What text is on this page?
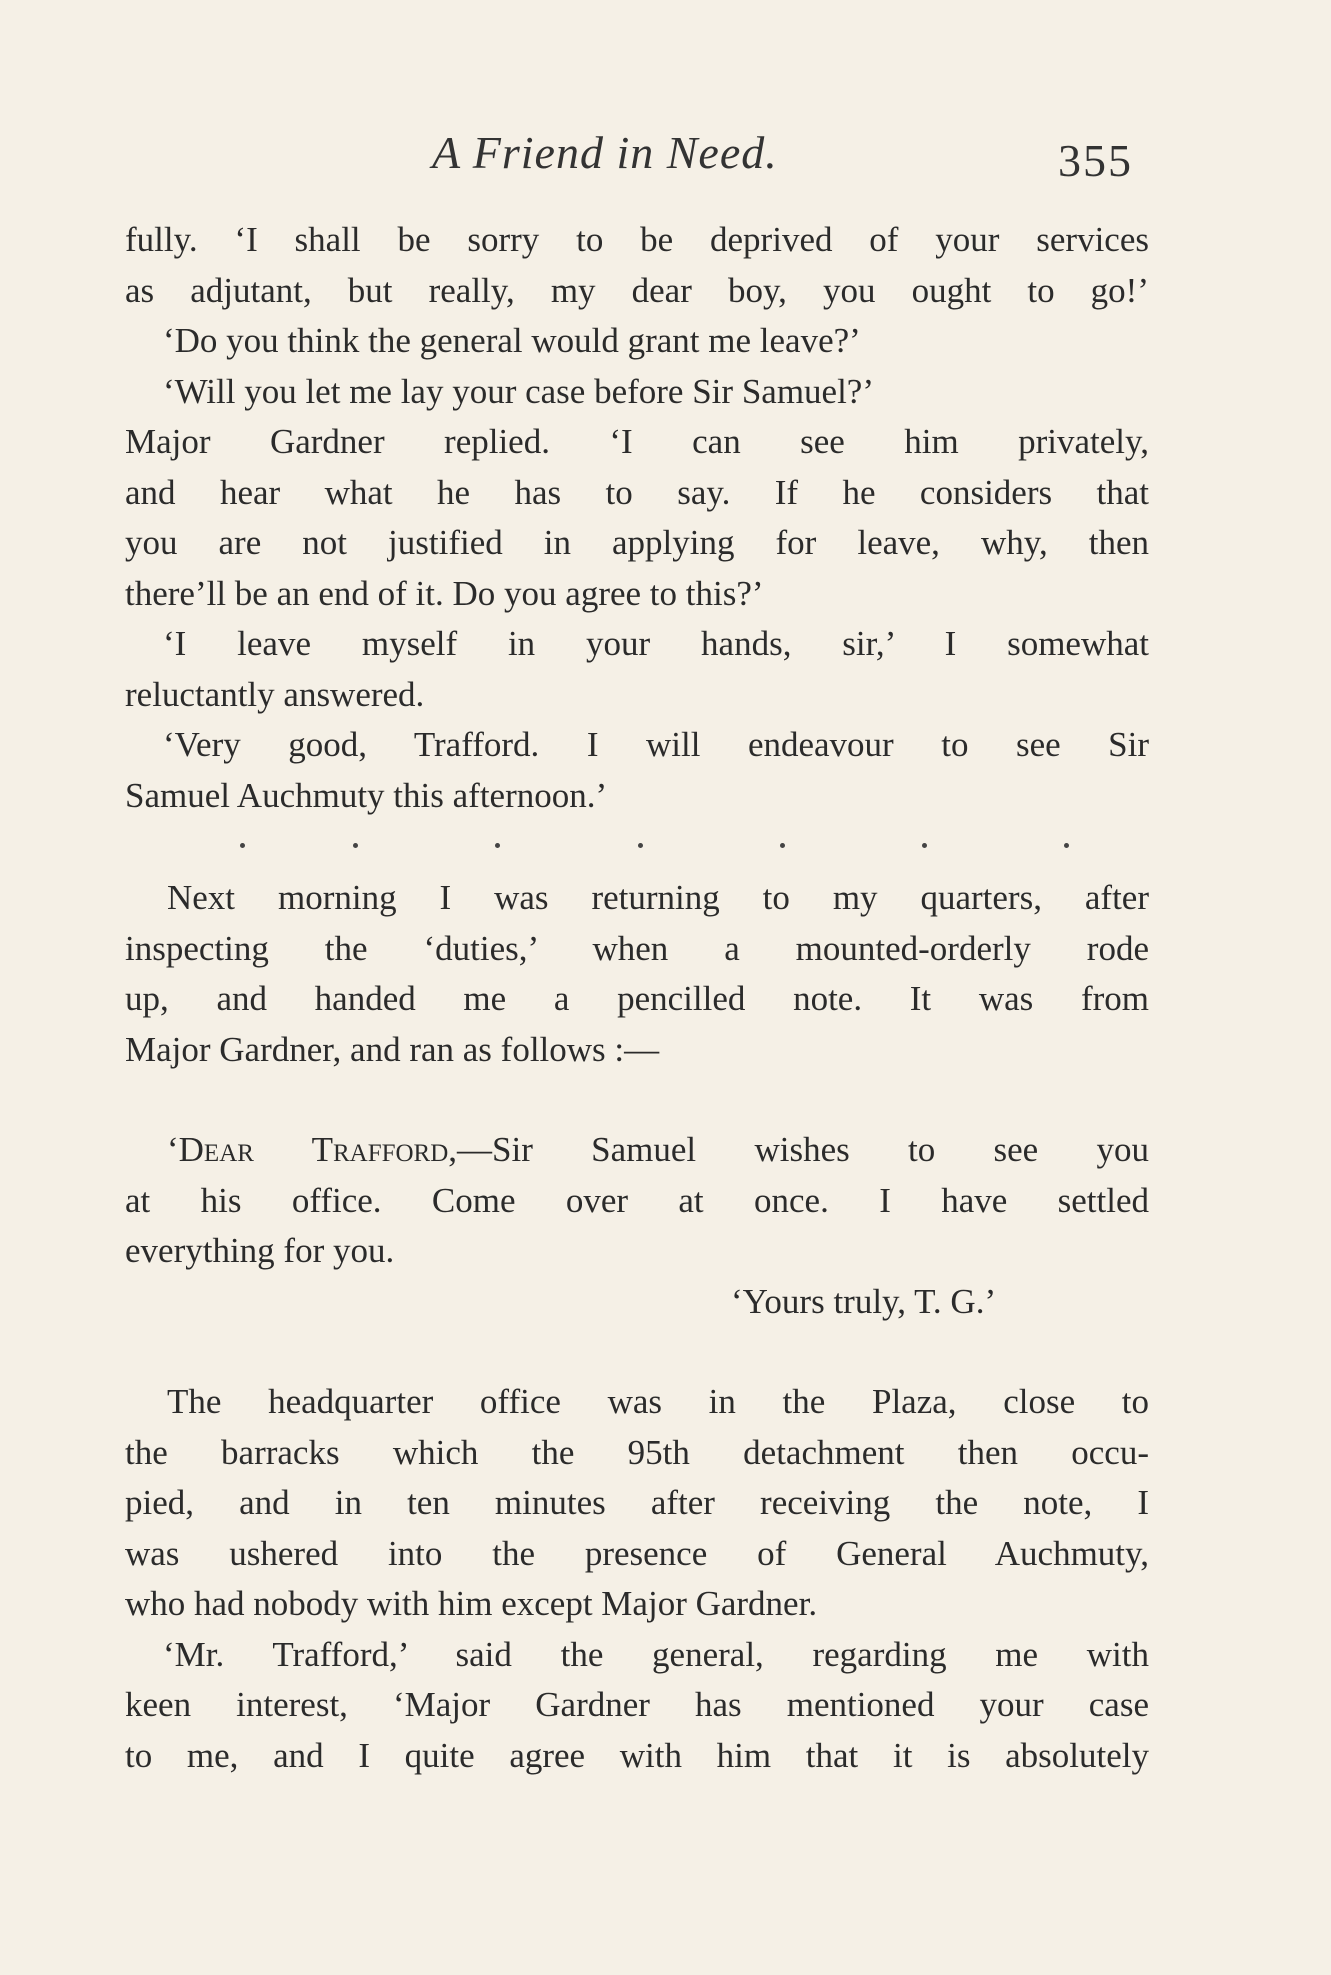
A Friend in Need.	355
fully. ‘I shall be sorry to be deprived of your services
as adjutant, but really, my dear boy, you ought to go!’
‘Do you think the general would grant me leave?’
‘Will you let me lay your case before Sir Samuel?’
Major Gardner replied. ‘I can see him privately,
and hear what he has to say. If he considers that
you are not justified in applying for leave, why, then
there’ll be an end of it. Do you agree to this?’
‘I leave myself in your hands, sir,’ I somewhat
reluctantly answered.
‘Very good, Trafford. I will endeavour to see Sir
Samuel Auchmuty this afternoon.’
Next morning I was returning to my quarters, after
inspecting the ‘duties,’ when a mounted-orderly rode
up, and handed me a pencilled note. It was from
Major Gardner, and ran as follows :—
‘Dear Trafford,—Sir Samuel wishes to see you
at his office. Come over at once. I have settled
everything for you.
‘Yours truly, T. G.’
The headquarter office was in the Plaza, close to
the barracks which the 95th detachment then occu-
pied, and in ten minutes after receiving the note, I
was ushered into the presence of General Auchmuty,
who had nobody with him except Major Gardner.
‘Mr. Trafford,’ said the general, regarding me with
keen interest, ‘Major Gardner has mentioned your case
to me, and I quite agree with him that it is absolutely
